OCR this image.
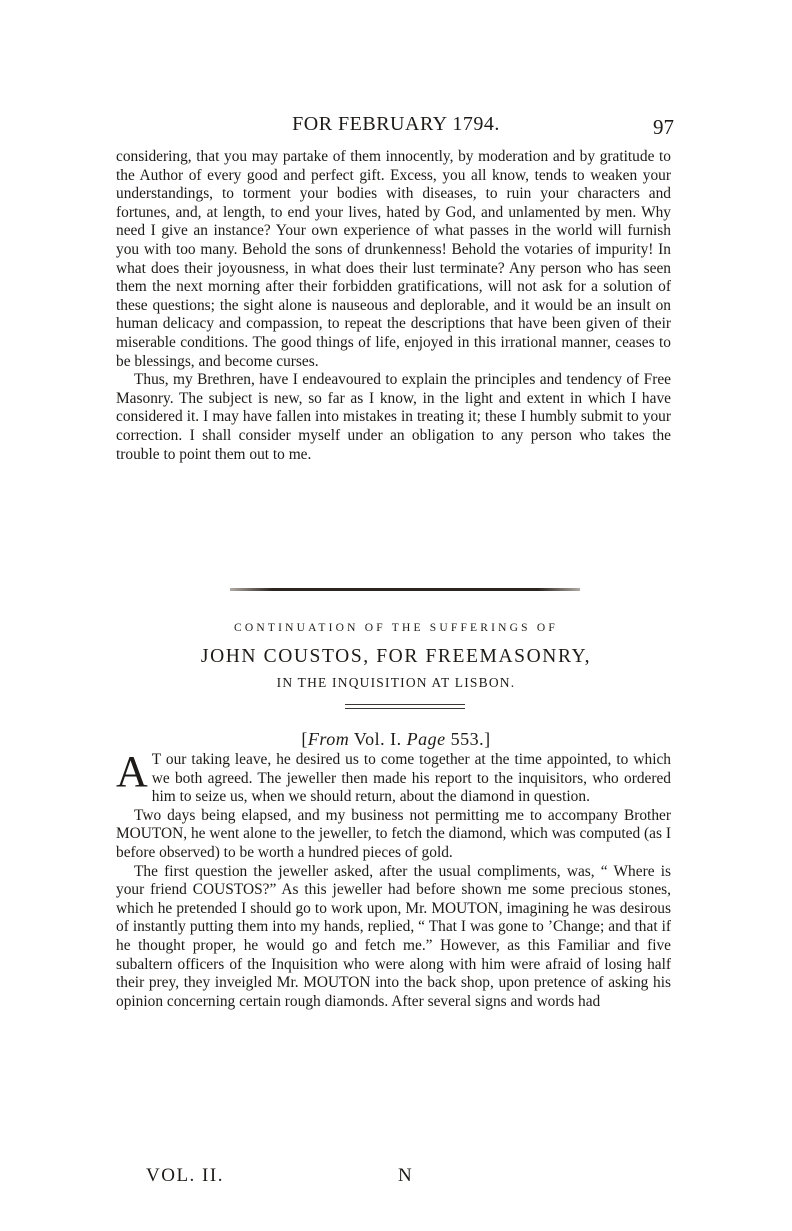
FOR FEBRUARY 1794.	97

considering, that you may partake of them innocently, by moderation and by gratitude to the Author of every good and perfect gift. Excess, you all know, tends to weaken your understandings, to torment your bodies with diseases, to ruin your characters and fortunes, and, at length, to end your lives, hated by God, and unlamented by men. Why need I give an instance? Your own experience of what passes in the world will furnish you with too many. Behold the sons of drunkenness! Behold the votaries of impurity! In what does their joyousness, in what does their lust terminate? Any person who has seen them the next morning after their forbidden gratifications, will not ask for a solution of these questions; the sight alone is nauseous and deplorable, and it would be an insult on human delicacy and compassion, to repeat the descriptions that have been given of their miserable conditions. The good things of life, enjoyed in this irrational manner, ceases to be blessings, and become curses.

Thus, my Brethren, have I endeavoured to explain the principles and tendency of Free Masonry. The subject is new, so far as I know, in the light and extent in which I have considered it. I may have fallen into mistakes in treating it; these I humbly submit to your correction. I shall consider myself under an obligation to any person who takes the trouble to point them out to me.

CONTINUATION OF THE SUFFERINGS OF
JOHN COUSTOS, FOR FREEMASONRY,
IN THE INQUISITION AT LISBON.
[From Vol. I. Page 553.]

A T our taking leave, he desired us to come together at the time appointed, to which we both agreed. The jeweller then made his report to the inquisitors, who ordered him to seize us, when we should return, about the diamond in question.

Two days being elapsed, and my business not permitting me to accompany Brother MOUTON, he went alone to the jeweller, to fetch the diamond, which was computed (as I before observed) to be worth a hundred pieces of gold.

The first question the jeweller asked, after the usual compliments, was, “ Where is your friend COUSTOS?” As this jeweller had before shown me some precious stones, which he pretended I should go to work upon, Mr. MOUTON, imagining he was desirous of instantly putting them into my hands, replied, “ That I was gone to ’Change; and that if he thought proper, he would go and fetch me.” However, as this Familiar and five subaltern officers of the Inquisition who were along with him were afraid of losing half their prey, they inveigled Mr. MOUTON into the back shop, upon pretence of asking his opinion concerning certain rough diamonds. After several signs and words had

VOL. II.	N
